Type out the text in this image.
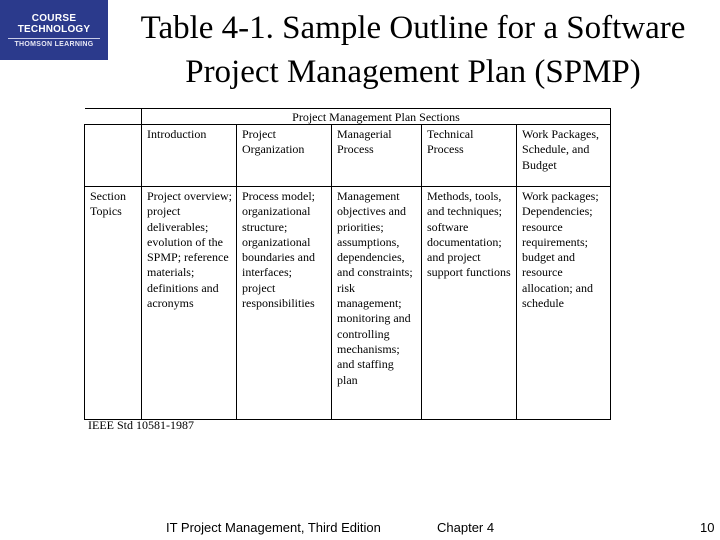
COURSE
TECHNOLOGY
THOMSON LEARNING	Table 4-1. Sample Outline for a Software
Project Management Plan (SPMP)
	Project Management Plan Sections				
	Introduction	Project Organization	Managerial Process	Technical Process	Work Packages, Schedule, and Budget
Section Topics	Project overview; project deliverables; evolution of the SPMP; reference materials; definitions and acronyms	Process model; organizational structure; organizational boundaries and interfaces; project responsibilities	Management objectives and priorities; assumptions, dependencies, and constraints; risk management; monitoring and controlling mechanisms; and staffing plan	Methods, tools, and techniques; software documentation; and project support functions	Work packages; Dependencies; resource requirements; budget and resource allocation; and schedule
IEEE Std 10581-1987
IT Project Management, Third Edition	Chapter 4	10
